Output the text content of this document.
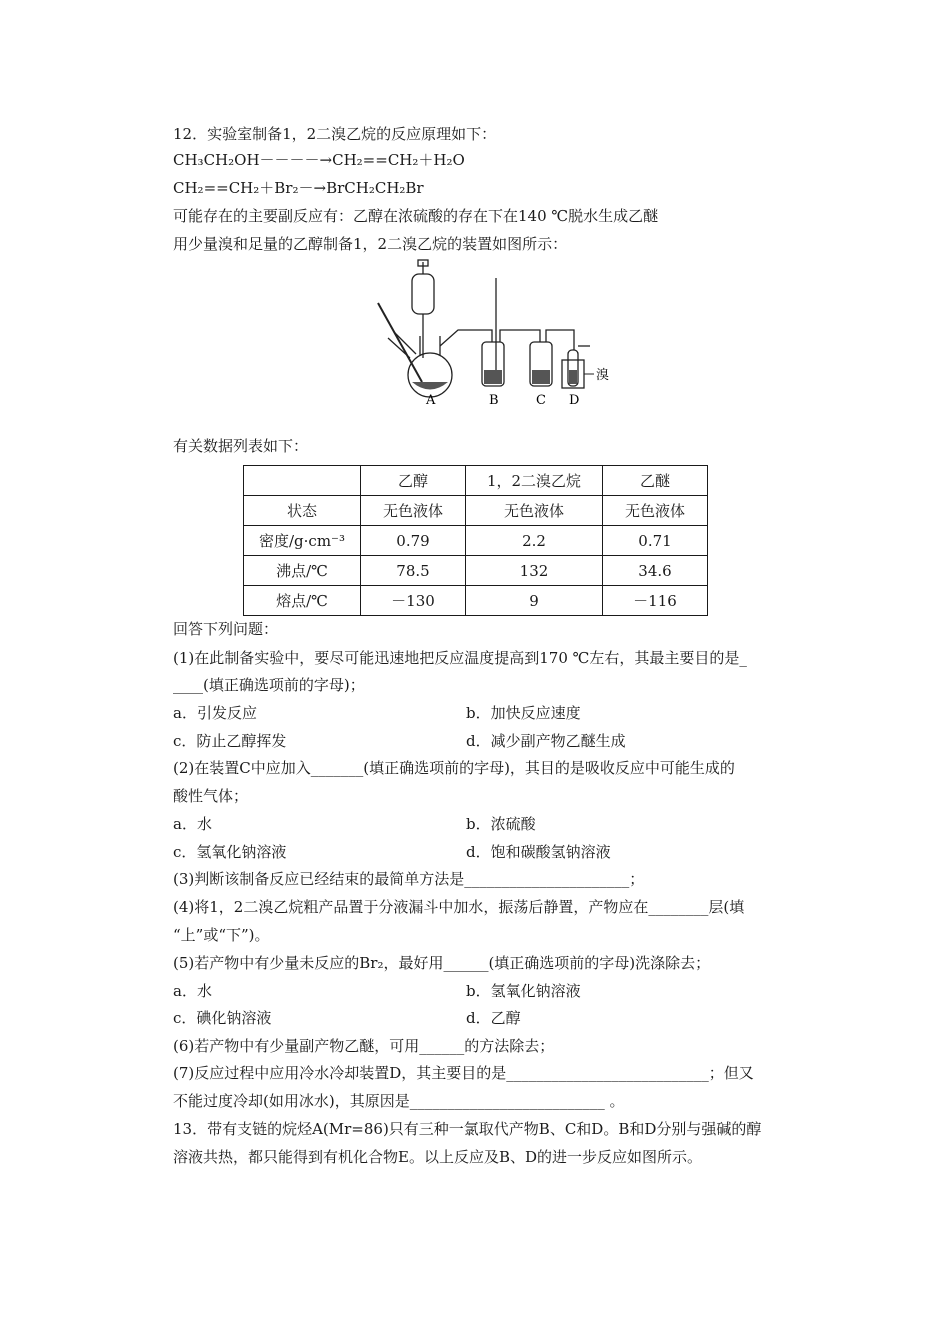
12．实验室制备1，2二溴乙烷的反应原理如下：
CH₃CH₂OH－－－－→CH₂==CH₂＋H₂O
CH₂==CH₂＋Br₂－→BrCH₂CH₂Br
可能存在的主要副反应有：乙醇在浓硫酸的存在下在140 ℃脱水生成乙醚
用少量溴和足量的乙醇制备1，2二溴乙烷的装置如图所示：
溴
A	B	C D
有关数据列表如下：
	乙醇	1，2二溴乙烷	乙醚
状态	无色液体	无色液体	无色液体
密度/g·cm⁻³	0.79	2.2	0.71
沸点/℃	78.5	132	34.6
熔点/℃	－130	9	－116
回答下列问题：
(1)在此制备实验中，要尽可能迅速地把反应温度提高到170 ℃左右，其最主要目的是_
____(填正确选项前的字母)；
a．引发反应	b．加快反应速度
c．防止乙醇挥发	d．减少副产物乙醚生成
(2)在装置C中应加入_______(填正确选项前的字母)，其目的是吸收反应中可能生成的
酸性气体；
a．水	b．浓硫酸
c．氢氧化钠溶液	d．饱和碳酸氢钠溶液
(3)判断该制备反应已经结束的最简单方法是______________________；
(4)将1，2二溴乙烷粗产品置于分液漏斗中加水，振荡后静置，产物应在________层(填
“上”或“下”)。
(5)若产物中有少量未反应的Br₂，最好用______(填正确选项前的字母)洗涤除去；
a．水	b．氢氧化钠溶液
c．碘化钠溶液	d．乙醇
(6)若产物中有少量副产物乙醚，可用______的方法除去；
(7)反应过程中应用冷水冷却装置D，其主要目的是___________________________；但又
不能过度冷却(如用冰水)，其原因是__________________________ 。
13．带有支链的烷烃A(Mr=86)只有三种一氯取代产物B、C和D。B和D分别与强碱的醇
溶液共热，都只能得到有机化合物E。以上反应及B、D的进一步反应如图所示。
